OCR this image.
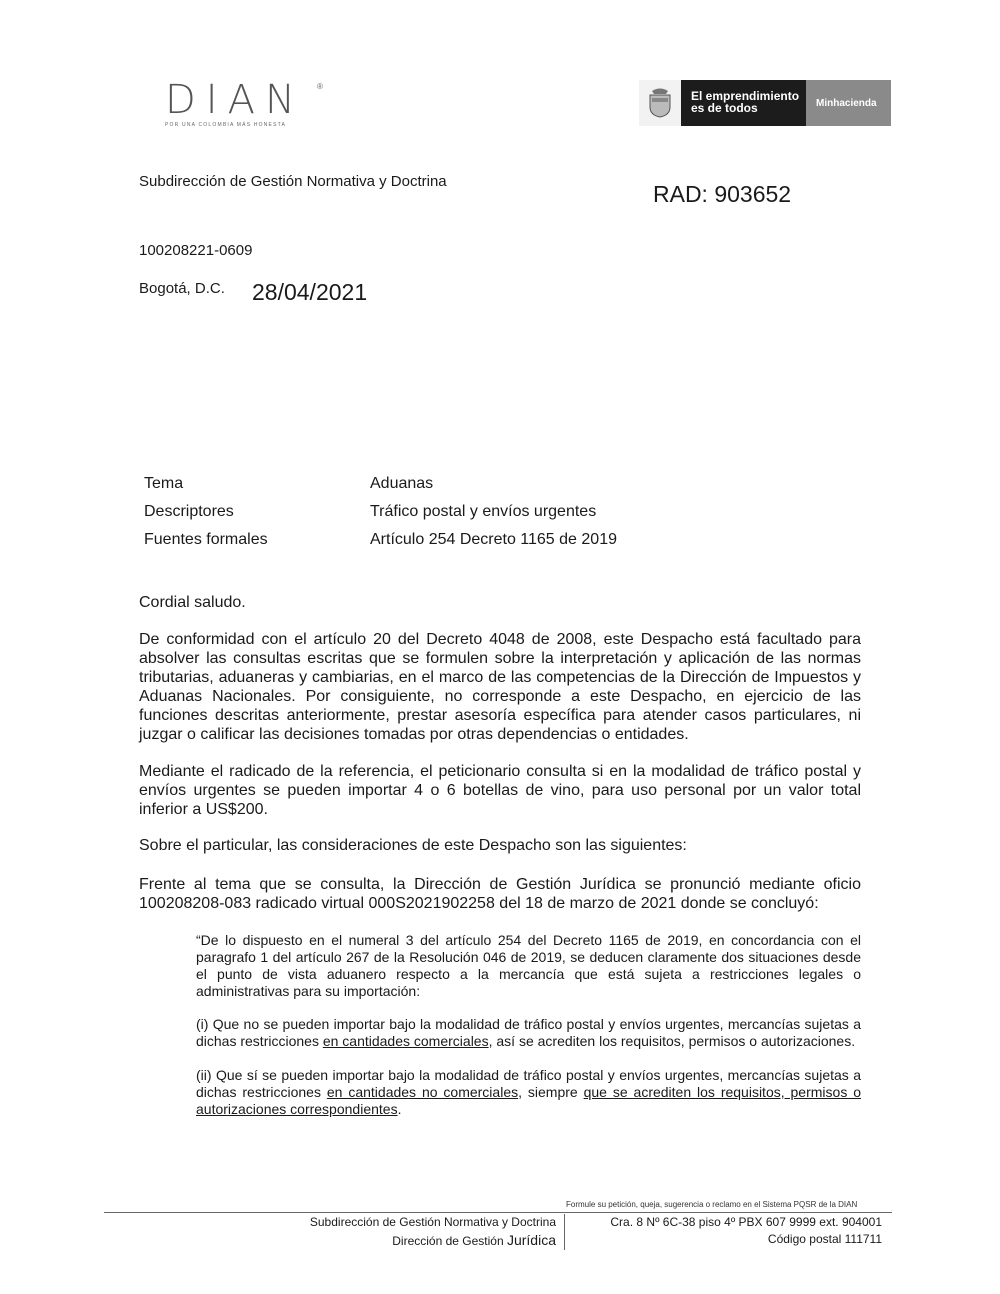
DIAN	®
POR UNA COLOMBIA MÁS HONESTA
El emprendimiento es de todos	Minhacienda
Subdirección de Gestión Normativa y Doctrina	RAD: 903652
100208221-0609
Bogotá, D.C. 28/04/2021
Tema	Aduanas
Descriptores	Tráfico postal y envíos urgentes
Fuentes formales	Artículo 254 Decreto 1165 de 2019

Cordial saludo.

De conformidad con el artículo 20 del Decreto 4048 de 2008, este Despacho está facultado para absolver las consultas escritas que se formulen sobre la interpretación y aplicación de las normas tributarias, aduaneras y cambiarias, en el marco de las competencias de la Dirección de Impuestos y Aduanas Nacionales. Por consiguiente, no corresponde a este Despacho, en ejercicio de las funciones descritas anteriormente, prestar asesoría específica para atender casos particulares, ni juzgar o calificar las decisiones tomadas por otras dependencias o entidades.

Mediante el radicado de la referencia, el peticionario consulta si en la modalidad de tráfico postal y envíos urgentes se pueden importar 4 o 6 botellas de vino, para uso personal por un valor total inferior a US$200.

Sobre el particular, las consideraciones de este Despacho son las siguientes:

Frente al tema que se consulta, la Dirección de Gestión Jurídica se pronunció mediante oficio 100208208-083 radicado virtual 000S2021902258 del 18 de marzo de 2021 donde se concluyó:

“De lo dispuesto en el numeral 3 del artículo 254 del Decreto 1165 de 2019, en concordancia con el paragrafo 1 del artículo 267 de la Resolución 046 de 2019, se deducen claramente dos situaciones desde el punto de vista aduanero respecto a la mercancía que está sujeta a restricciones legales o administrativas para su importación:

(i) Que no se pueden importar bajo la modalidad de tráfico postal y envíos urgentes, mercancías sujetas a dichas restricciones en cantidades comerciales, así se acrediten los requisitos, permisos o autorizaciones.

(ii) Que sí se pueden importar bajo la modalidad de tráfico postal y envíos urgentes, mercancías sujetas a dichas restricciones en cantidades no comerciales, siempre que se acrediten los requisitos, permisos o autorizaciones correspondientes.

Formule su petición, queja, sugerencia o reclamo en el Sistema PQSR de la DIAN
Subdirección de Gestión Normativa y Doctrina
Dirección de Gestión Jurídica
Cra. 8 Nº 6C-38 piso 4º PBX 607 9999 ext. 904001
Código postal 111711
